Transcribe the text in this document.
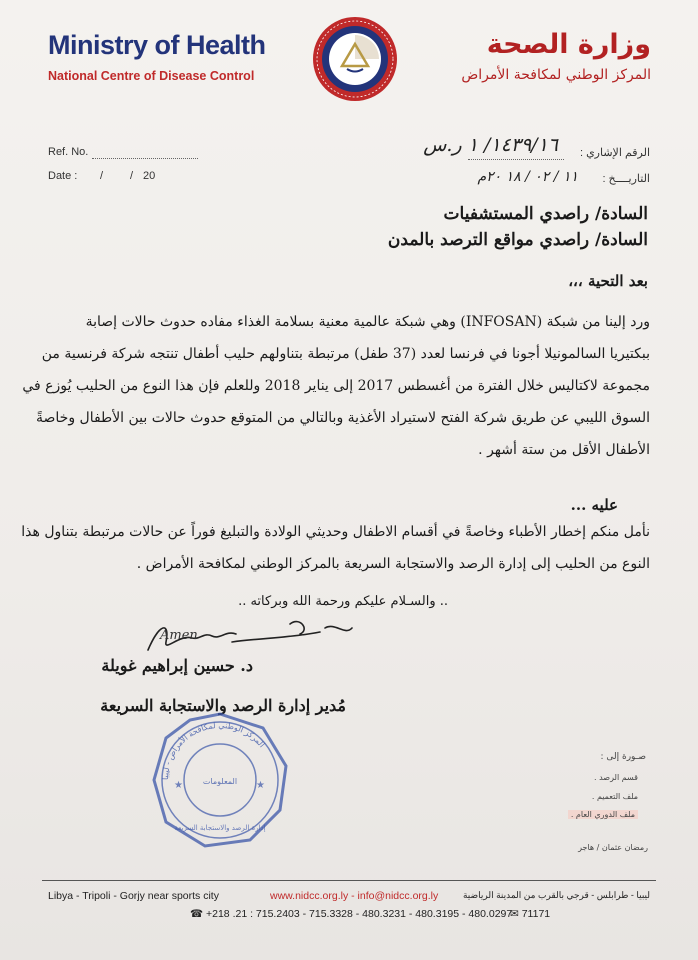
Ministry of Health
National Centre of Disease Control
وزارة الصحة
المركز الوطني لمكافحة الأمراض
Ref. No.
Date : / / 20
الرقم الإشاري :
١٤٣٩/١٦/ ١ ر.س
التاريــــخ :
١١ / ٠٢ / ١٨ ٢٠م
السادة/ راصدي المستشفيات
السادة/ راصدي مواقع الترصد بالمدن
بعد التحية ،،،
ورد إلينا من شبكة (INFOSAN) وهي شبكة عالمية معنية بسلامة الغذاء مفاده حدوث حالات إصابة
ببكتيريا السالمونيلا أجونا في فرنسا لعدد (37 طفل) مرتبطة بتناولهم حليب أطفال تنتجه شركة فرنسية من
مجموعة لاكتاليس خلال الفترة من أغسطس 2017 إلى يناير 2018 وللعلم فإن هذا النوع من الحليب يُوزع في
السوق الليبي عن طريق شركة الفتح لاستيراد الأغذية وبالتالي من المتوقع حدوث حالات بين الأطفال وخاصةً
الأطفال الأقل من ستة أشهر .
عليه ...
نأمل منكم إخطار الأطباء وخاصةً في أقسام الاطفال وحديثي الولادة والتبليغ فوراً عن حالات مرتبطة بتناول هذا
النوع من الحليب إلى إدارة الرصد والاستجابة السريعة بالمركز الوطني لمكافحة الأمراض .
.. والسـلام عليكم ورحمة الله وبركاته ..
Amen
د. حسين إبراهيم غويلة
مُدير إدارة الرصد والاستجابة السريعة
المركز الوطني لمكافحة الأمراض - ليبيا
المعلومات
إدارة الرصد والاستجابة السريعة
★	★
صـورة إلى :
قسم الرصد .
ملف التعميم .
ملف الدوري العام .
رمضان عثمان / هاجر
Libya - Tripoli - Gorjy near sports city	www.nidcc.org.ly - info@nidcc.org.ly	ليبيا - طرابلس - قرجي بالقرب من المدينة الرياضية
☎ +218 .21 : 715.2403 - 715.3328 - 480.3231 - 480.3195 - 480.0297
✉ 71171
